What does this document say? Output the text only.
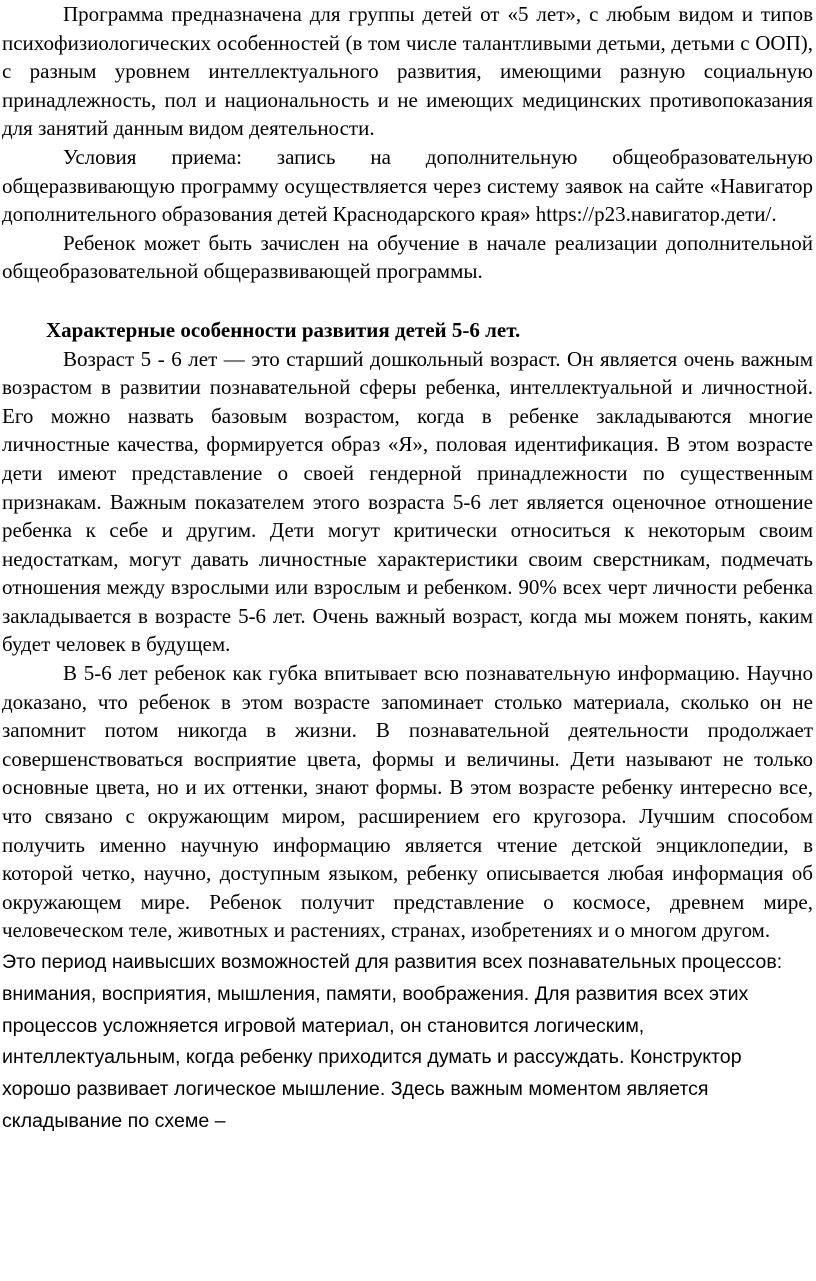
Программа предназначена для группы детей от «5 лет», с любым видом и типов психофизиологических особенностей (в том числе талантливыми детьми, детьми с ООП), с разным уровнем интеллектуального развития, имеющими разную социальную принадлежность, пол и национальность и не имеющих медицинских противопоказания для занятий данным видом деятельности.

Условия приема: запись на дополнительную общеобразовательную общеразвивающую программу осуществляется через систему заявок на сайте «Навигатор дополнительного образования детей Краснодарского края» https://p23.навигатор.дети/.

Ребенок может быть зачислен на обучение в начале реализации дополнительной общеобразовательной общеразвивающей программы.

Характерные особенности развития детей 5-6 лет.

Возраст 5 - 6 лет — это старший дошкольный возраст. Он является очень важным возрастом в развитии познавательной сферы ребенка, интеллектуальной и личностной. Его можно назвать базовым возрастом, когда в ребенке закладываются многие личностные качества, формируется образ «Я», половая идентификация. В этом возрасте дети имеют представление о своей гендерной принадлежности по существенным признакам. Важным показателем этого возраста 5-6 лет является оценочное отношение ребенка к себе и другим. Дети могут критически относиться к некоторым своим недостаткам, могут давать личностные характеристики своим сверстникам, подмечать отношения между взрослыми или взрослым и ребенком. 90% всех черт личности ребенка закладывается в возрасте 5-6 лет. Очень важный возраст, когда мы можем понять, каким будет человек в будущем.

В 5-6 лет ребенок как губка впитывает всю познавательную информацию. Научно доказано, что ребенок в этом возрасте запоминает столько материала, сколько он не запомнит потом никогда в жизни. В познавательной деятельности продолжает совершенствоваться восприятие цвета, формы и величины. Дети называют не только основные цвета, но и их оттенки, знают формы. В этом возрасте ребенку интересно все, что связано с окружающим миром, расширением его кругозора. Лучшим способом получить именно научную информацию является чтение детской энциклопедии, в которой четко, научно, доступным языком, ребенку описывается любая информация об окружающем мире. Ребенок получит представление о космосе, древнем мире, человеческом теле, животных и растениях, странах, изобретениях и о многом другом.

Это период наивысших возможностей для развития всех познавательных процессов: внимания, восприятия, мышления, памяти, воображения. Для развития всех этих процессов усложняется игровой материал, он становится логическим, интеллектуальным, когда ребенку приходится думать и рассуждать. Конструктор хорошо развивает логическое мышление. Здесь важным моментом является складывание по схеме –
